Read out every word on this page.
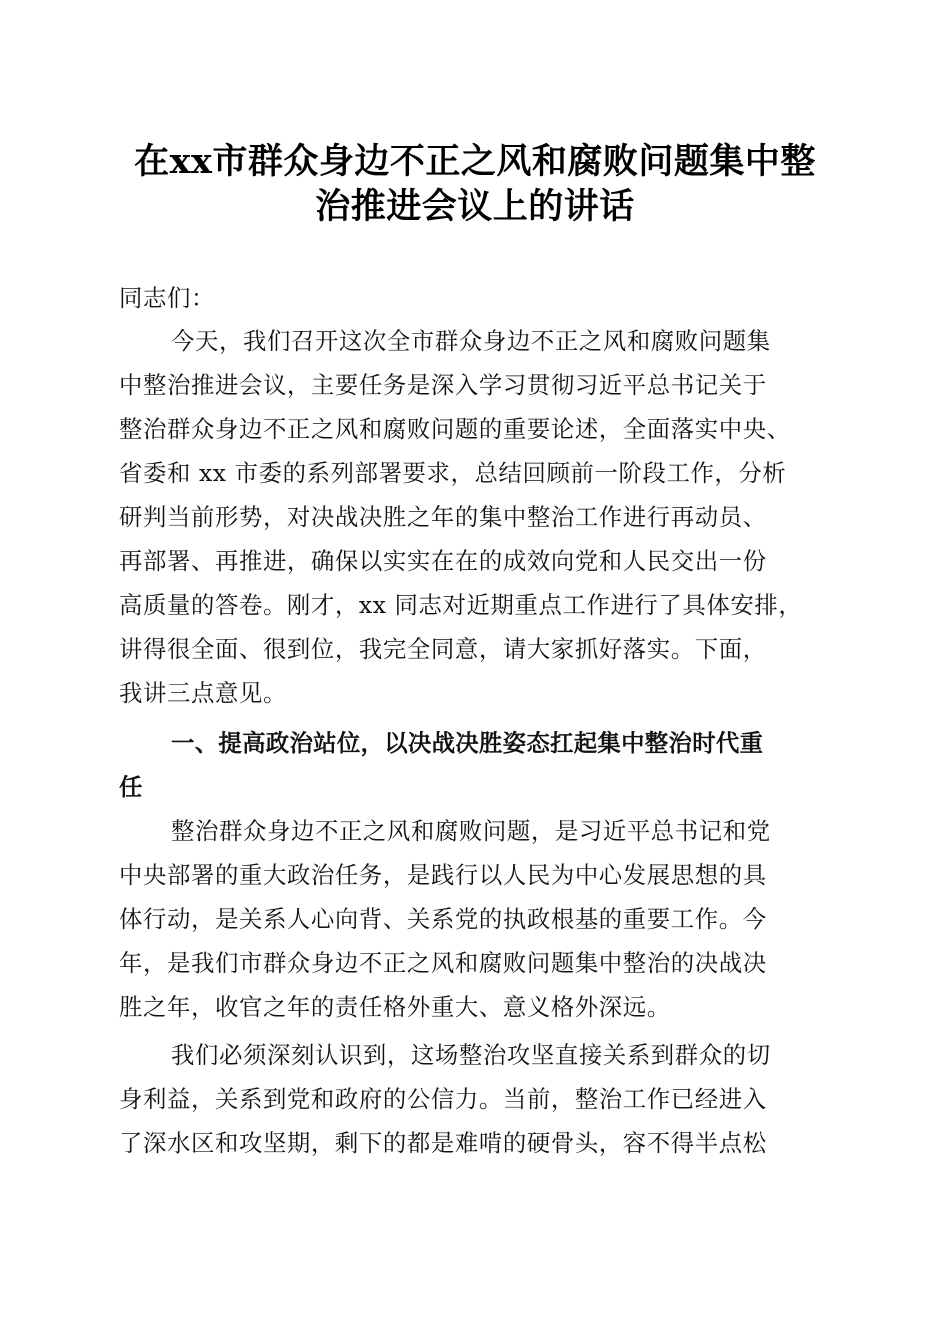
在xx市群众身边不正之风和腐败问题集中整
治推进会议上的讲话
同志们：
今天，我们召开这次全市群众身边不正之风和腐败问题集
中整治推进会议，主要任务是深入学习贯彻习近平总书记关于
整治群众身边不正之风和腐败问题的重要论述，全面落实中央、
省委和 xx 市委的系列部署要求，总结回顾前一阶段工作，分析
研判当前形势，对决战决胜之年的集中整治工作进行再动员、
再部署、再推进，确保以实实在在的成效向党和人民交出一份
高质量的答卷。刚才，xx 同志对近期重点工作进行了具体安排，
讲得很全面、很到位，我完全同意，请大家抓好落实。下面，
我讲三点意见。
一、提高政治站位，以决战决胜姿态扛起集中整治时代重
任
整治群众身边不正之风和腐败问题，是习近平总书记和党
中央部署的重大政治任务，是践行以人民为中心发展思想的具
体行动，是关系人心向背、关系党的执政根基的重要工作。今
年，是我们市群众身边不正之风和腐败问题集中整治的决战决
胜之年，收官之年的责任格外重大、意义格外深远。
我们必须深刻认识到，这场整治攻坚直接关系到群众的切
身利益，关系到党和政府的公信力。当前，整治工作已经进入
了深水区和攻坚期，剩下的都是难啃的硬骨头，容不得半点松
